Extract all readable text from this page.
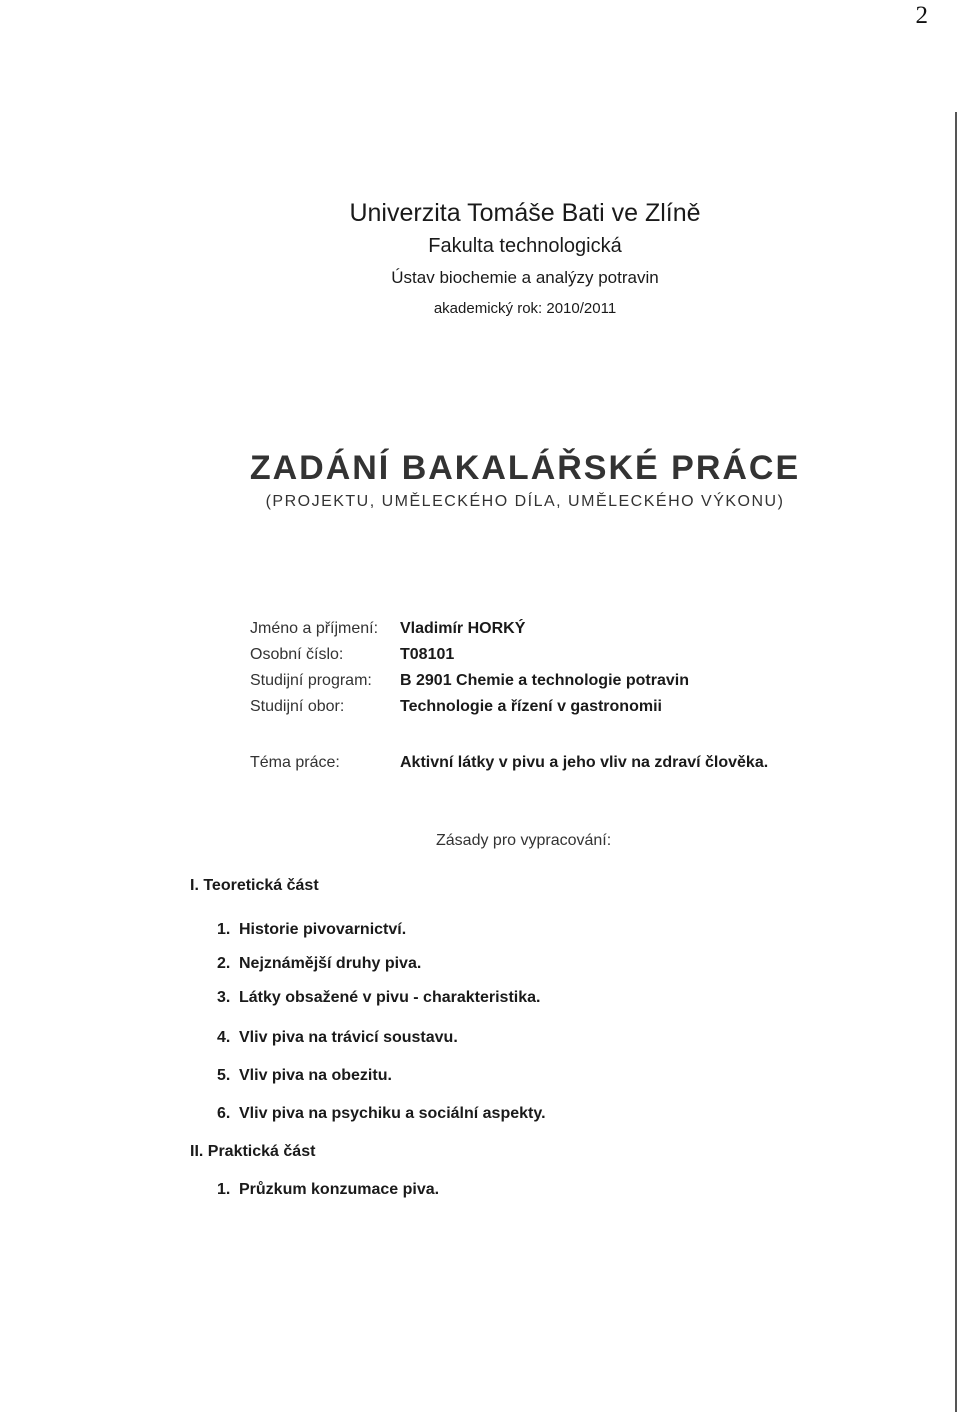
2
Univerzita Tomáše Bati ve Zlíně
Fakulta technologická
Ústav biochemie a analýzy potravin
akademický rok: 2010/2011
ZADÁNÍ BAKALÁŘSKÉ PRÁCE
(PROJEKTU, UMĚLECKÉHO DÍLA, UMĚLECKÉHO VÝKONU)
Jméno a příjmení:	Vladimír HORKÝ
Osobní číslo:	T08101
Studijní program:	B 2901 Chemie a technologie potravin
Studijní obor:	Technologie a řízení v gastronomii
Téma práce:	Aktivní látky v pivu a jeho vliv na zdraví člověka.
Zásady pro vypracování:
I. Teoretická část
1. Historie pivovarnictví.
2. Nejznámější druhy piva.
3. Látky obsažené v pivu - charakteristika.
4. Vliv piva na trávicí soustavu.
5. Vliv piva na obezitu.
6. Vliv piva na psychiku a sociální aspekty.
II. Praktická část
1. Průzkum konzumace piva.
